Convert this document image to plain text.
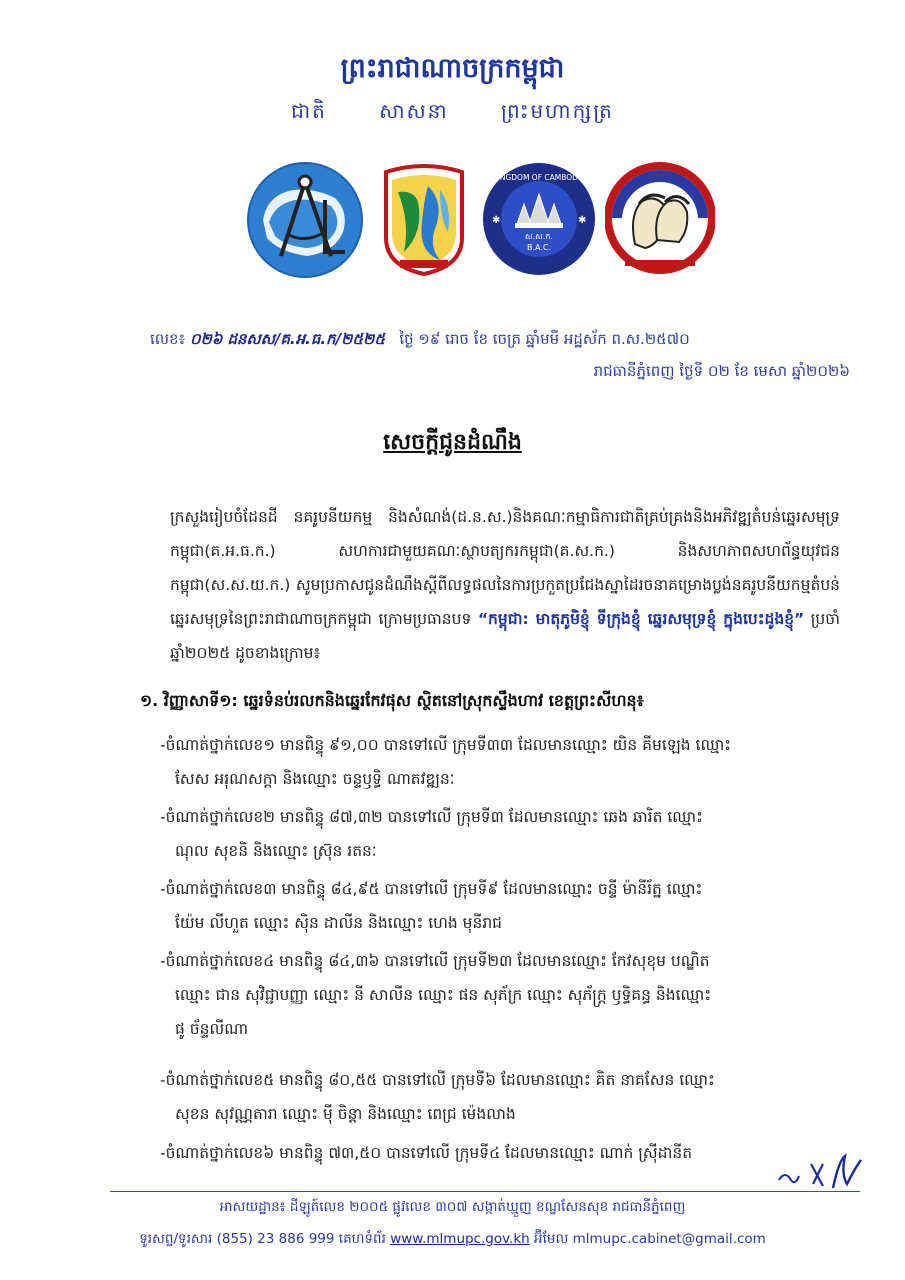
ព្រះរាជាណាចក្រកម្ពុជា
ជាតិ	សាសនា	ព្រះមហាក្សត្រ
KINGDOM OF CAMBODIA
ស.ស.ក.
B.A.C.
✱	✱
លេខ៖ ០២៦ ដនសស/គ.អ.ធ.ក/២៥២៥ ថ្ងៃ ១៩ រោច ខែ ចេត្រ ឆ្នាំមមី អដ្ឋស័ក ព.ស.២៥៧០
រាជធានីភ្នំពេញ ថ្ងៃទី ០២ ខែ មេសា ឆ្នាំ២០២៦
សេចក្តីជូនដំណឹង
ក្រសួងរៀបចំដែនដី នគរូបនីយកម្ម និងសំណង់(ដ.ន.ស.)និងគណៈកម្មាធិការជាតិគ្រប់គ្រងនិងអភិវឌ្ឍតំបន់ឆ្នេរសមុទ្រកម្ពុជា(គ.អ.ធ.ក.) សហការជាមួយគណៈស្ថាបត្យករកម្ពុជា(គ.ស.ក.) និងសហភាពសហព័ន្ធយុវជនកម្ពុជា(ស.ស.យ.ក.) សូមប្រកាសជូនដំណឹងស្តីពីលទ្ធផលនៃការប្រកួតប្រជែងស្នាដៃរចនាគម្រោងប្លង់នគរូបនីយកម្មតំបន់ឆ្នេរសមុទ្រនៃព្រះរាជាណាចក្រកម្ពុជា ក្រោមប្រធានបទ “កម្ពុជា: មាតុភូមិខ្ញុំ ទីក្រុងខ្ញុំ ឆ្នេរសមុទ្រខ្ញុំ ក្នុងបេះដូងខ្ញុំ” ប្រចាំឆ្នាំ២០២៥ ដូចខាងក្រោម៖
១. វិញ្ញាសាទី១: ឆ្នេរទំនប់រលកនិងឆ្នេរកែវផុស ស្ថិតនៅស្រុកស្ទឹងហាវ ខេត្តព្រះសីហនុ៖
-ចំណាត់ថ្នាក់លេខ១ មានពិន្ទុ ៩១,០០ បានទៅលើ ក្រុមទី៣៣ ដែលមានឈ្មោះ យិន គីមឡេង ឈ្មោះ
សែស អរុណសក្តា និងឈ្មោះ ចន្ទឫទ្ធិ ណាតវឌ្ឍនៈ
-ចំណាត់ថ្នាក់លេខ២ មានពិន្ទុ ៨៧,៣២ បានទៅលើ ក្រុមទី៣ ដែលមានឈ្មោះ ឆេង ឆារិត ឈ្មោះ
ណុល សុខនិ និងឈ្មោះ ស្រ៊ុន រតនៈ
-ចំណាត់ថ្នាក់លេខ៣ មានពិន្ទុ ៨៤,៩៥ បានទៅលើ ក្រុមទី៩ ដែលមានឈ្មោះ ចន្ទី ម៉ានីរ័ត្ន ឈ្មោះ
យ៉ែម លីហួត ឈ្មោះ ស៊ិន ដាលីន និងឈ្មោះ ហេង មុនីរាជ
-ចំណាត់ថ្នាក់លេខ៤ មានពិន្ទុ ៨៤,៣៦ បានទៅលើ ក្រុមទី២៣ ដែលមានឈ្មោះ កែវសុខុម បណ្ឌិត
ឈ្មោះ ជាន សុវិជ្ជាបញ្ញា ឈ្មោះ នី សាលីន ឈ្មោះ ផន សុភ័ក្រ ឈ្មោះ សុភ័ក្ត្រ ឫទ្ធិគន្ធ និងឈ្មោះ
ផូ ច័ន្ទលីណា
-ចំណាត់ថ្នាក់លេខ៥ មានពិន្ទុ ៨០,៥៥ បានទៅលើ ក្រុមទី៦ ដែលមានឈ្មោះ គិត នាគសែន ឈ្មោះ
សុខន សុវណ្ណតារា ឈ្មោះ ម៉ី ចិន្តា និងឈ្មោះ ពេជ្រ ម៉េងលាង
-ចំណាត់ថ្នាក់លេខ៦ មានពិន្ទុ ៧៣,៥០ បានទៅលើ ក្រុមទី៤ ដែលមានឈ្មោះ ណាក់ ស្រ៊ីដានីត
អាសយដ្ឋាន៖ ដីឡូត៍លេខ ២០០៥ ផ្លូវលេខ ៣០៧ សង្កាត់ឃ្មួញ ខណ្ឌសែនសុខ រាជធានីភ្នំពេញ
ទូរសព្ទ/ទូរសារ (855) 23 886 999 គេហទំព័រ www.mlmupc.gov.kh អ៊ីមែល mlmupc.cabinet@gmail.com
